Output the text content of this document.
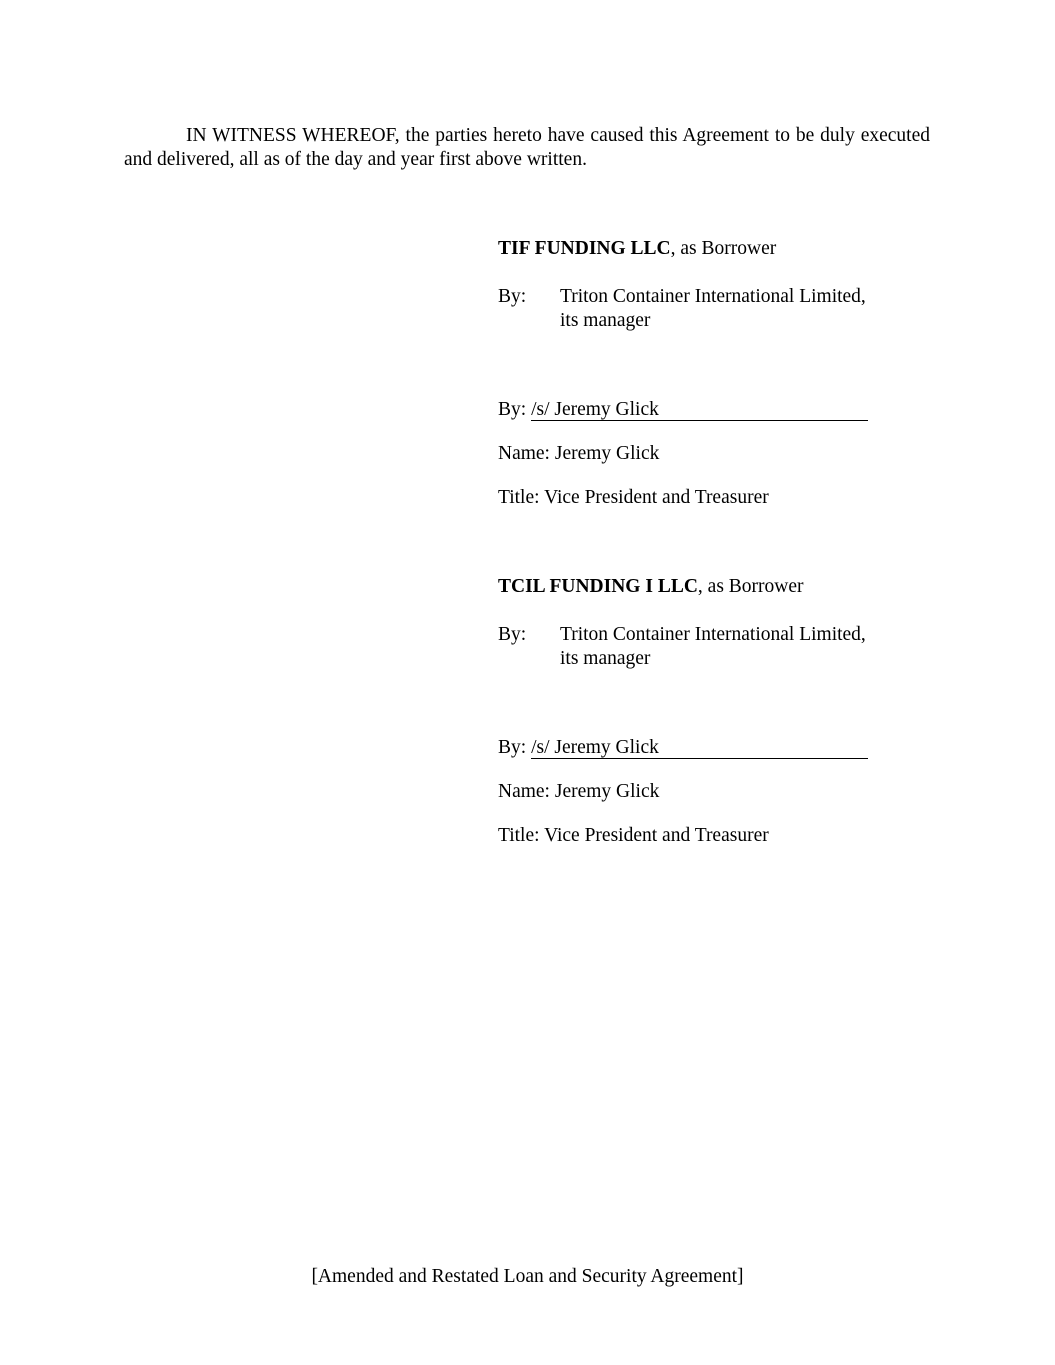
IN WITNESS WHEREOF, the parties hereto have caused this Agreement to be duly executed and delivered, all as of the day and year first above written.

TIF FUNDING LLC, as Borrower
By: Triton Container International Limited,
its manager
By: /s/ Jeremy Glick
Name: Jeremy Glick
Title: Vice President and Treasurer
TCIL FUNDING I LLC, as Borrower
By: Triton Container International Limited,
its manager
By: /s/ Jeremy Glick
Name: Jeremy Glick
Title: Vice President and Treasurer
[Amended and Restated Loan and Security Agreement]
